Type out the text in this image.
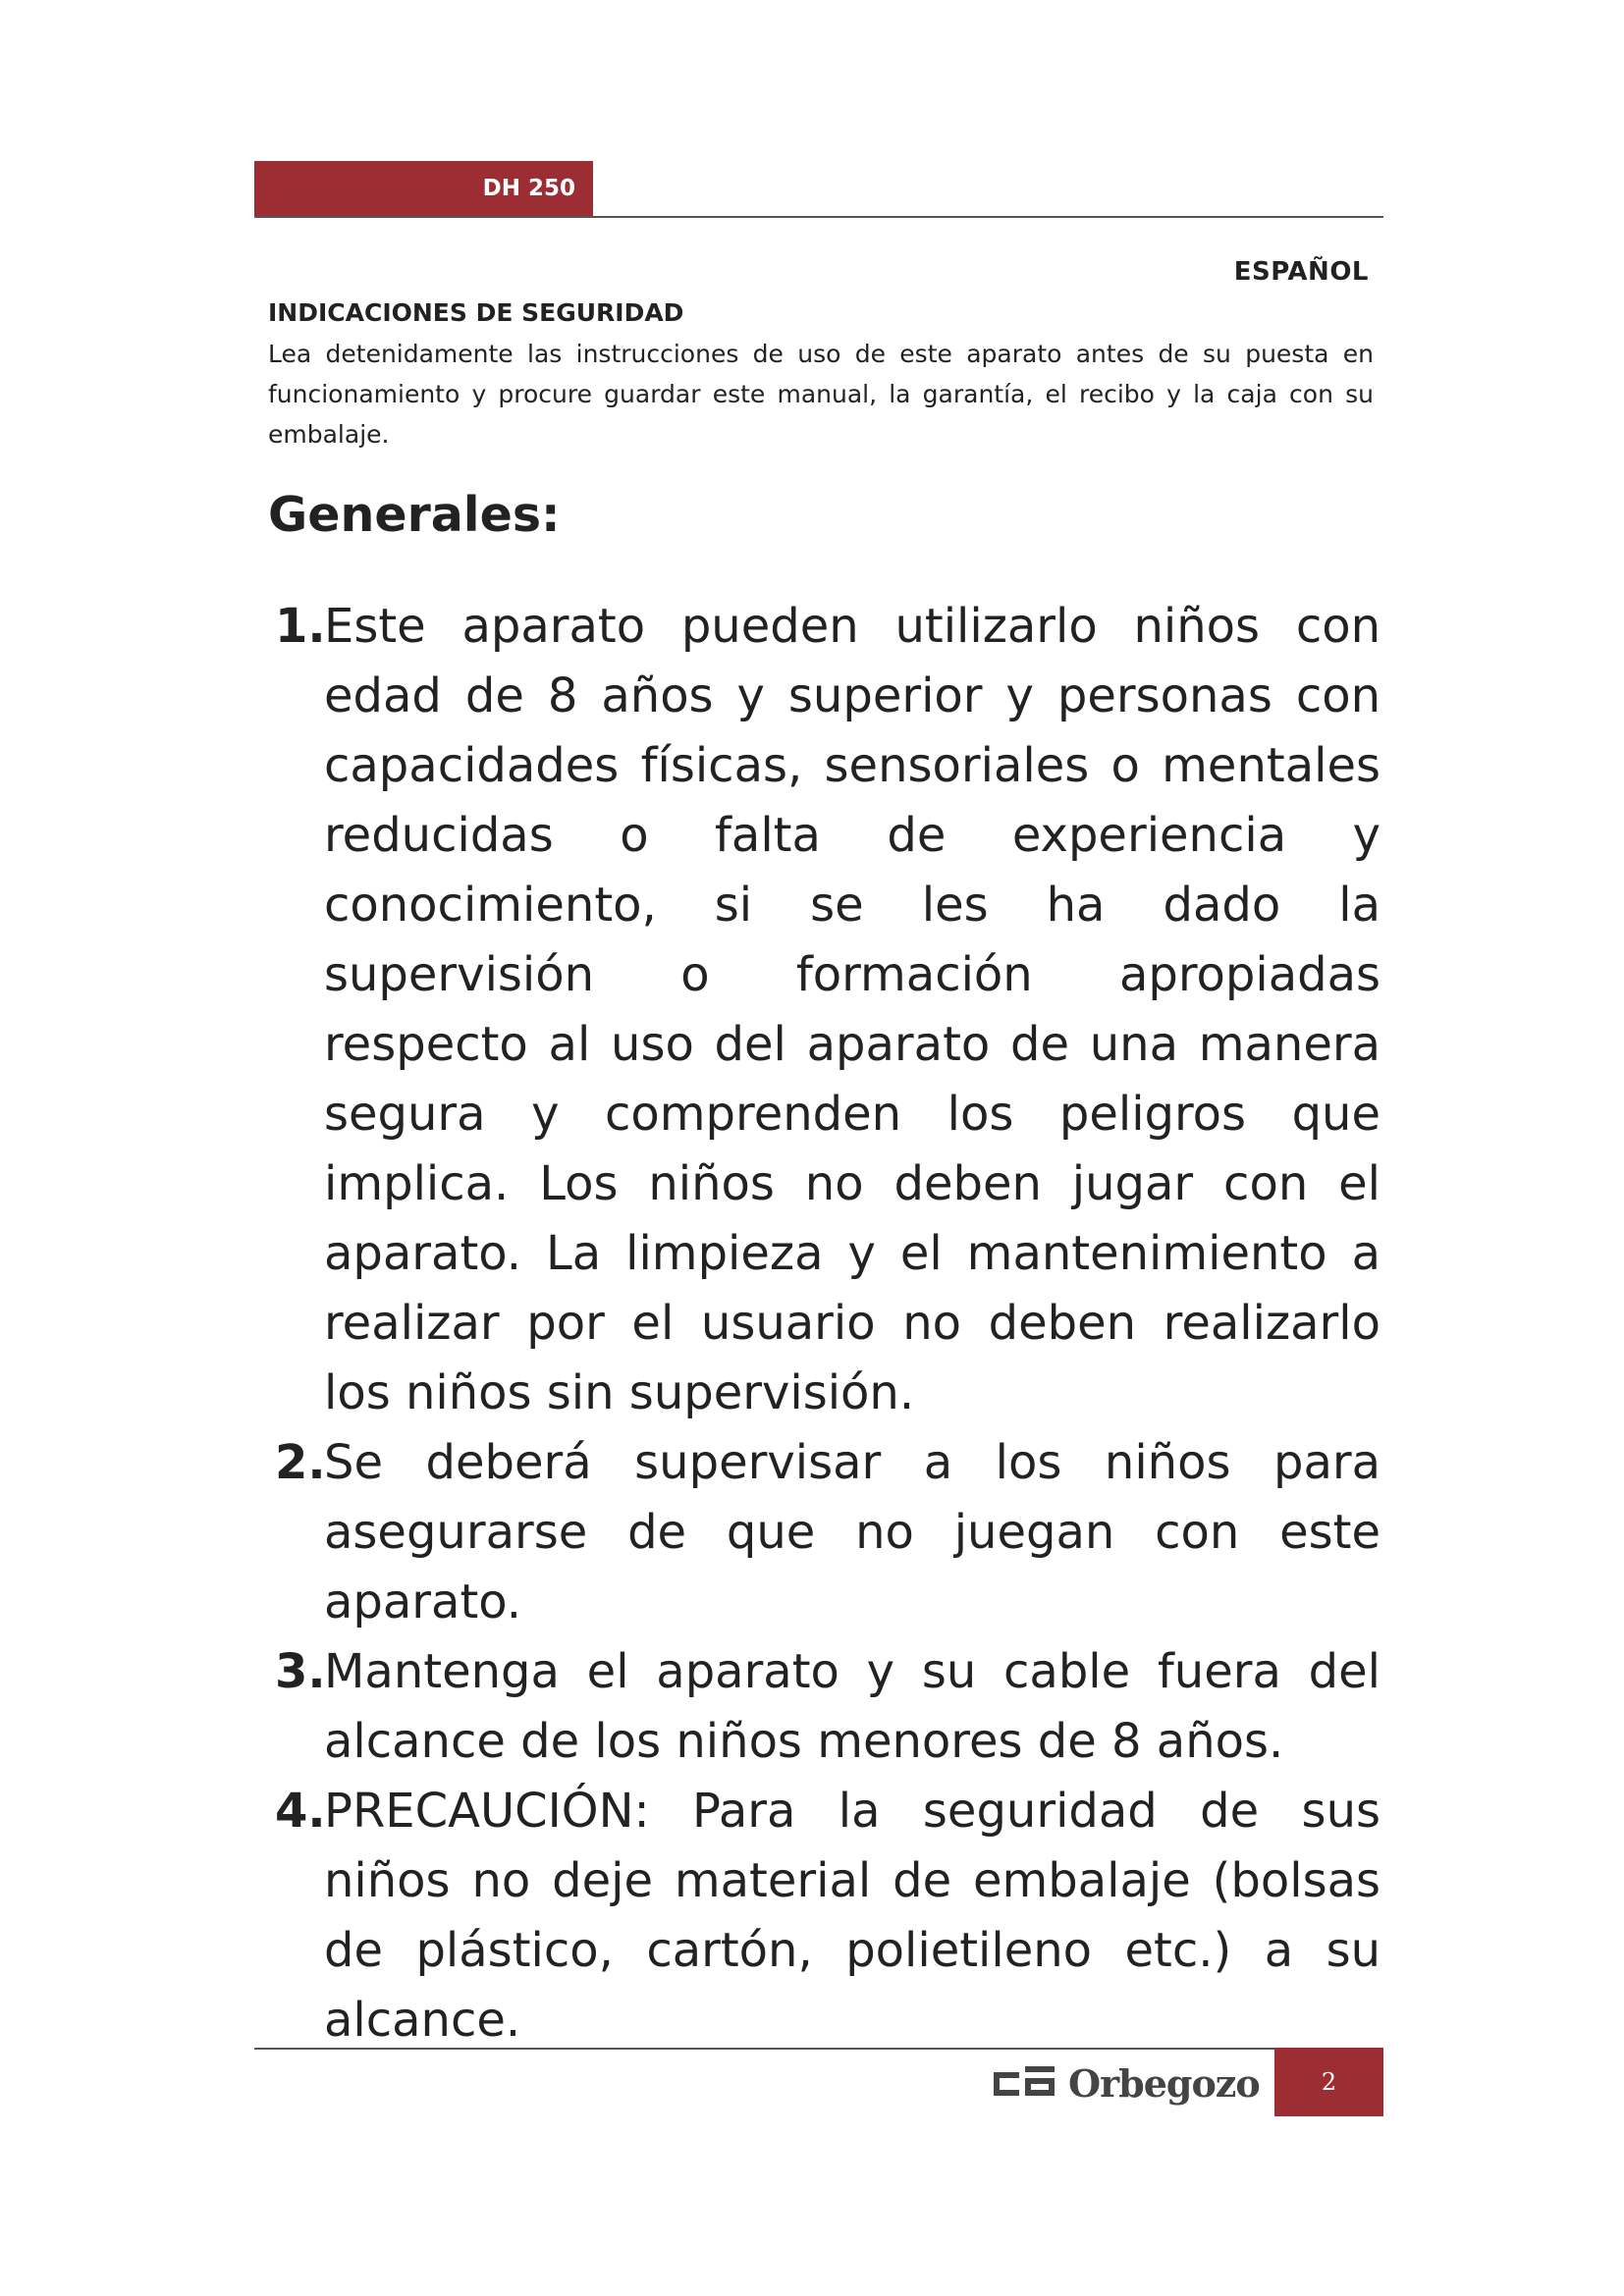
DH 250
ESPAÑOL
INDICACIONES DE SEGURIDAD

Lea detenidamente las instrucciones de uso de este aparato antes de su puesta en funcionamiento y procure guardar este manual, la garantía, el recibo y la caja con su embalaje.

Generales:
1.
Este aparato pueden utilizarlo niños con edad de 8 años y superior y personas con capacidades físicas, sensoriales o mentales reducidas o falta de experiencia y conocimiento, si se les ha dado la supervisión o formación apropiadas respecto al uso del aparato de una manera segura y comprenden los peligros que implica. Los niños no deben jugar con el aparato. La limpieza y el mantenimiento a realizar por el usuario no deben realizarlo los niños sin supervisión.
2.
Se deberá supervisar a los niños para asegurarse de que no juegan con este aparato.
3.
Mantenga el aparato y su cable fuera del alcance de los niños menores de 8 años.
4.
PRECAUCIÓN: Para la seguridad de sus niños no deje material de embalaje (bolsas de plástico, cartón, polietileno etc.) a su alcance.
Orbegozo	2
